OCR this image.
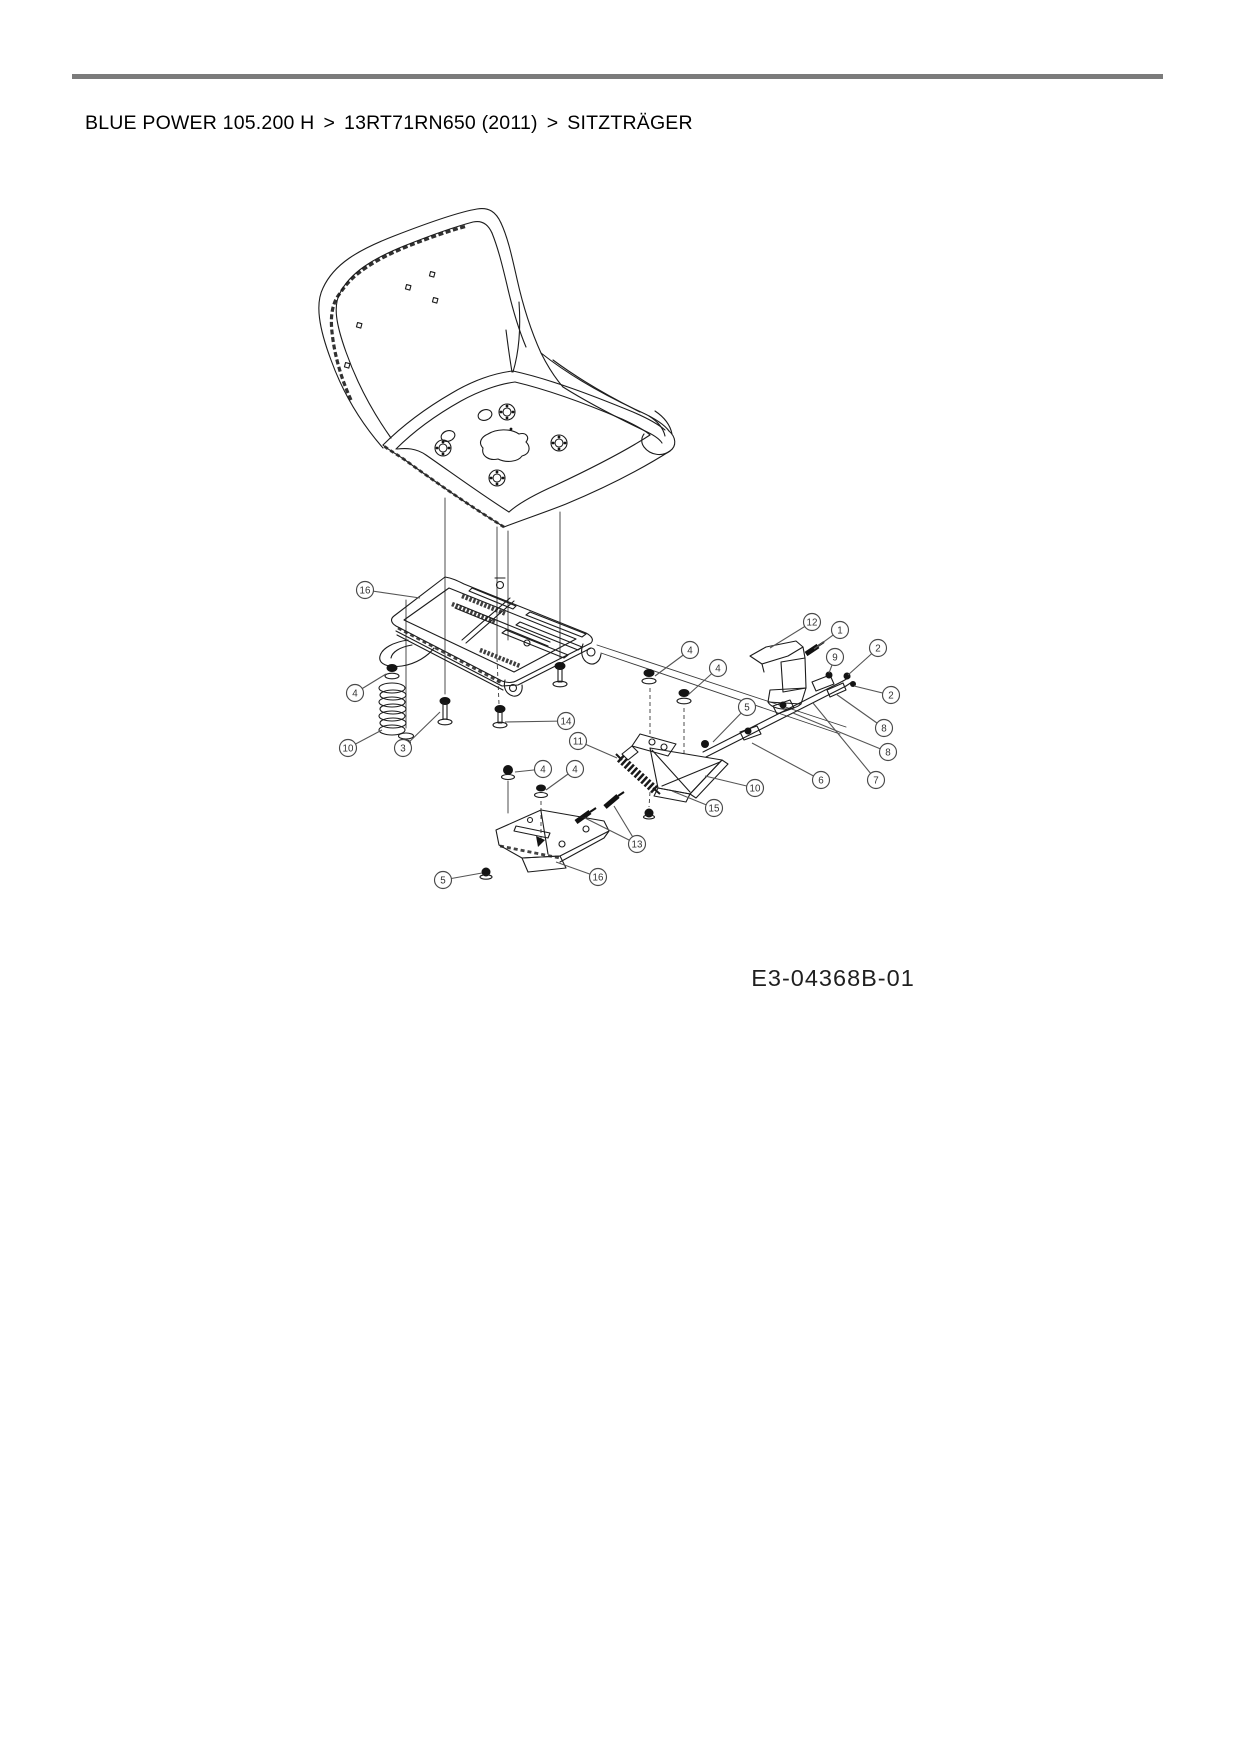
BLUE POWER 105.200 H > 13RT71RN650 (2011) > SITZTRÄGER
16
4
10	3
14
11
4	4
4
4
12
1
9
2
2
5
8
8
6	7
10
15
13
16
5
E3-04368B-01
